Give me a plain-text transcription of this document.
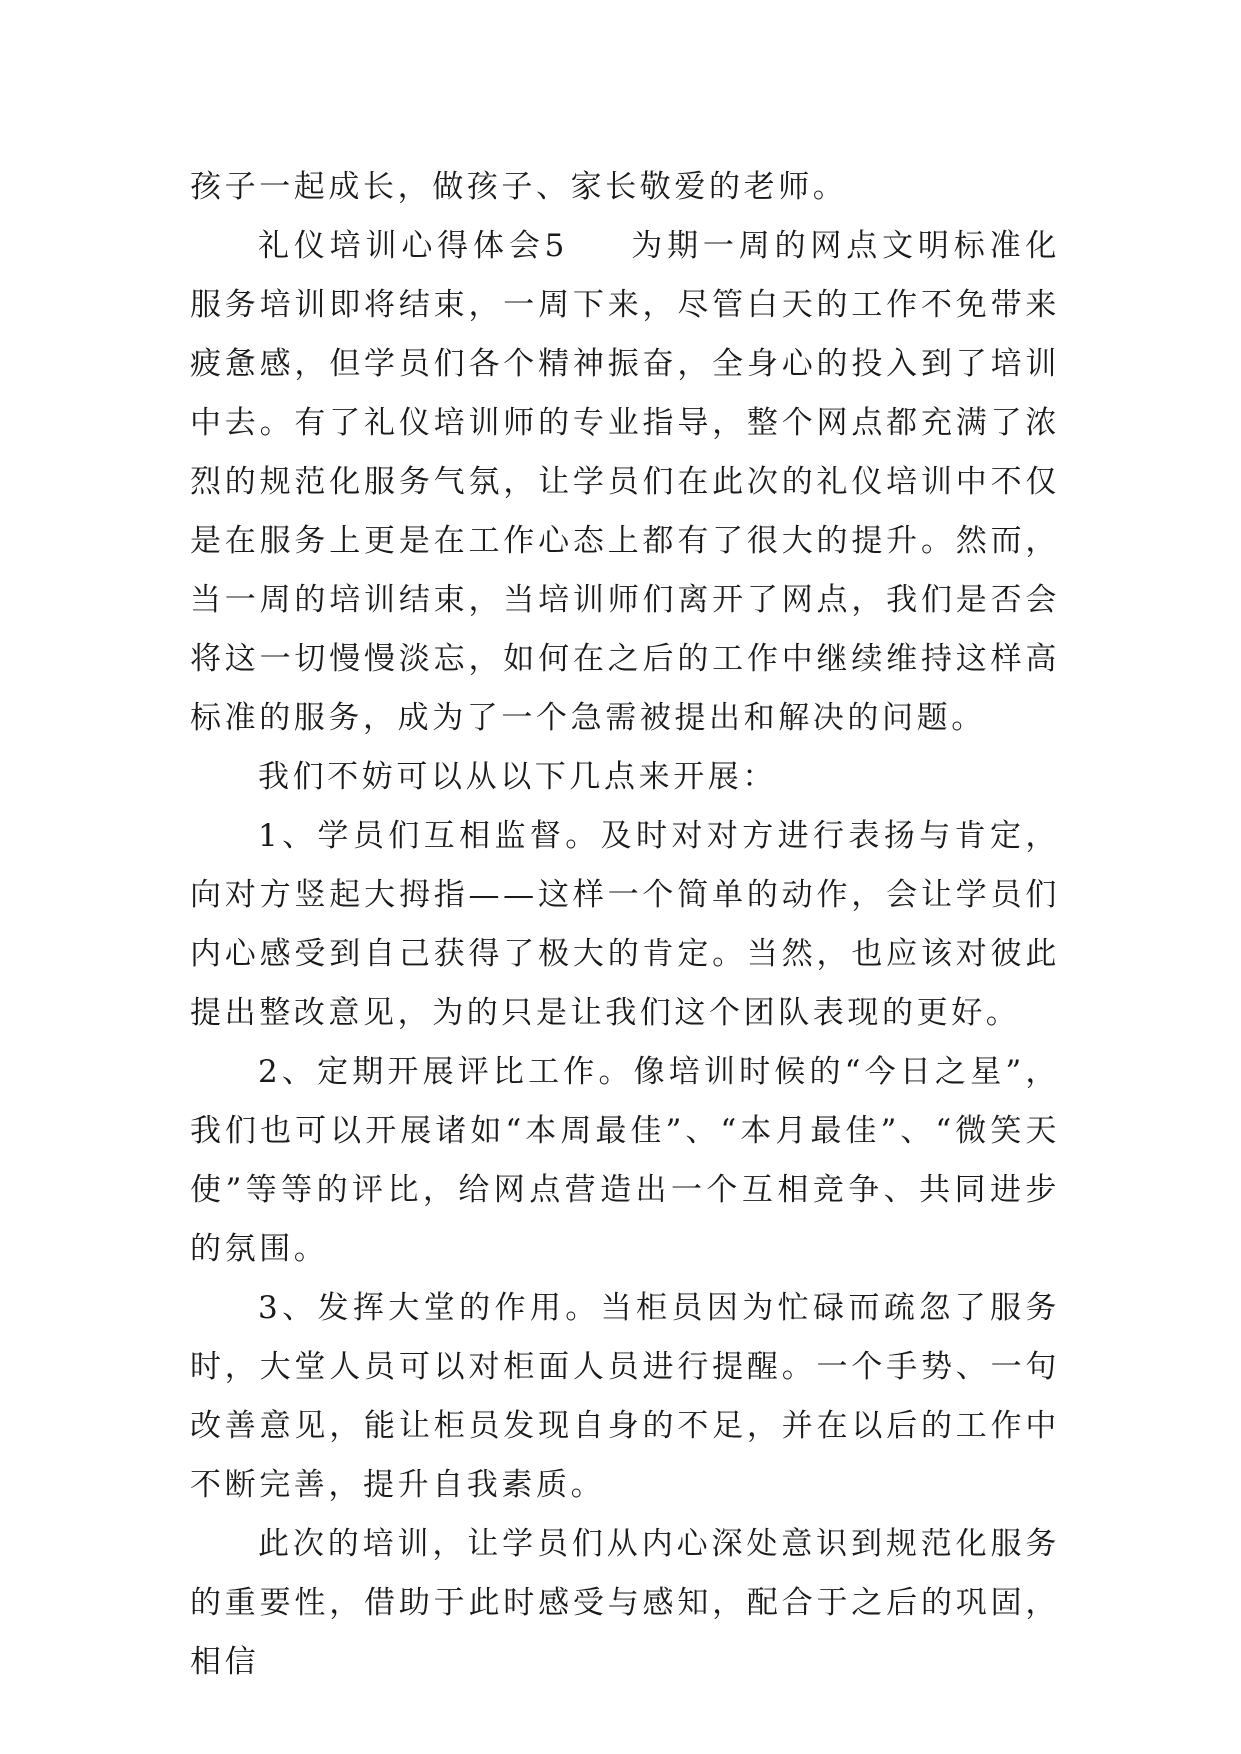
孩子一起成长，做孩子、家长敬爱的老师。

礼仪培训心得体会5 为期一周的网点文明标准化服务培训即将结束，一周下来，尽管白天的工作不免带来疲惫感，但学员们各个精神振奋，全身心的投入到了培训中去。有了礼仪培训师的专业指导，整个网点都充满了浓烈的规范化服务气氛，让学员们在此次的礼仪培训中不仅是在服务上更是在工作心态上都有了很大的提升。然而，当一周的培训结束，当培训师们离开了网点，我们是否会将这一切慢慢淡忘，如何在之后的工作中继续维持这样高标准的服务，成为了一个急需被提出和解决的问题。

我们不妨可以从以下几点来开展：

1、学员们互相监督。及时对对方进行表扬与肯定，向对方竖起大拇指——这样一个简单的动作，会让学员们内心感受到自己获得了极大的肯定。当然，也应该对彼此提出整改意见，为的只是让我们这个团队表现的更好。

2、定期开展评比工作。像培训时候的“今日之星”，我们也可以开展诸如“本周最佳”、“本月最佳”、“微笑天使”等等的评比，给网点营造出一个互相竞争、共同进步的氛围。

3、发挥大堂的作用。当柜员因为忙碌而疏忽了服务时，大堂人员可以对柜面人员进行提醒。一个手势、一句改善意见，能让柜员发现自身的不足，并在以后的工作中不断完善，提升自我素质。

此次的培训，让学员们从内心深处意识到规范化服务的重要性，借助于此时感受与感知，配合于之后的巩固，相信
